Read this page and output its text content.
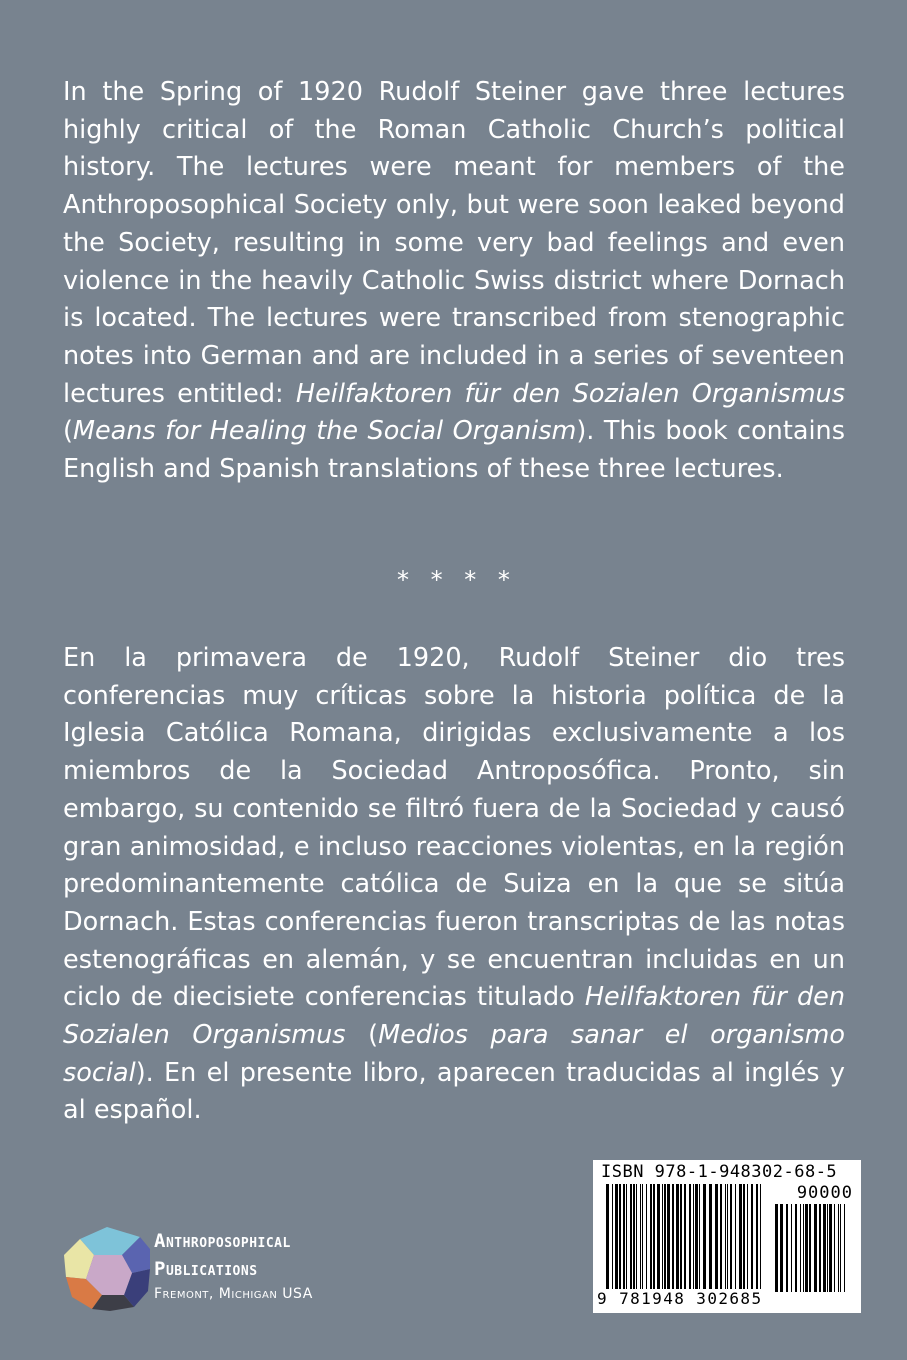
In the Spring of 1920 Rudolf Steiner gave three lectures highly critical of the Roman Catholic Church’s political history. The lectures were meant for members of the Anthroposophical Society only, but were soon leaked beyond the Society, resulting in some very bad feelings and even violence in the heavily Catholic Swiss district where Dornach is located. The lectures were transcribed from stenographic notes into German and are included in a series of seventeen lectures entitled: Heilfaktoren für den Sozialen Organismus (Means for Healing the Social Organism). This book contains English and Spanish translations of these three lectures.

* * * *

En la primavera de 1920, Rudolf Steiner dio tres conferencias muy críticas sobre la historia política de la Iglesia Católica Romana, dirigidas exclusivamente a los miembros de la Sociedad Antroposófica. Pronto, sin embargo, su contenido se filtró fuera de la Sociedad y causó gran animosidad, e incluso reacciones violentas, en la región predominantemente católica de Suiza en la que se sitúa Dornach. Estas conferencias fueron transcriptas de las notas estenográficas en alemán, y se encuentran incluidas en un ciclo de diecisiete conferencias titulado Heilfaktoren für den Sozialen Organismus (Medios para sanar el organismo social). En el presente libro, aparecen traducidas al inglés y al español.

Anthroposophical
Publications
Fremont, Michigan USA
ISBN 978-1-948302-68-5
90000
9 781948 302685
